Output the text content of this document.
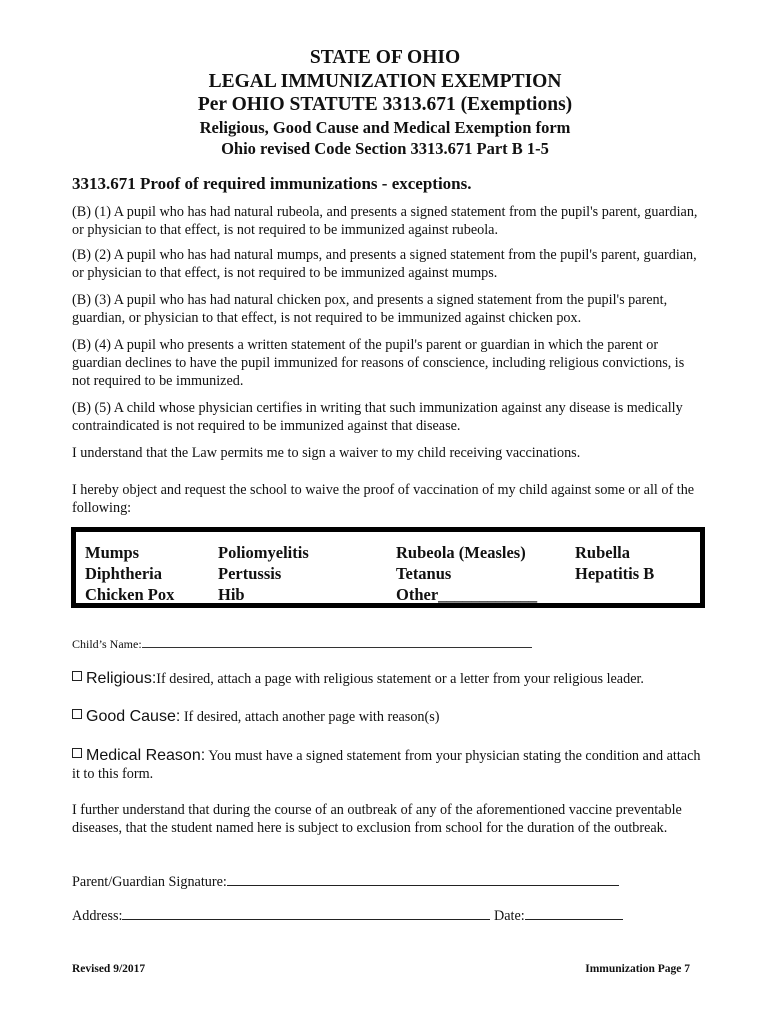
STATE OF OHIO
LEGAL IMMUNIZATION EXEMPTION
Per OHIO STATUTE 3313.671 (Exemptions)
Religious, Good Cause and Medical Exemption form
Ohio revised Code Section 3313.671 Part B 1-5
3313.671 Proof of required immunizations - exceptions.

(B) (1) A pupil who has had natural rubeola, and presents a signed statement from the pupil's parent, guardian, or physician to that effect, is not required to be immunized against rubeola.

(B) (2) A pupil who has had natural mumps, and presents a signed statement from the pupil's parent, guardian, or physician to that effect, is not required to be immunized against mumps.

(B) (3) A pupil who has had natural chicken pox, and presents a signed statement from the pupil's parent, guardian, or physician to that effect, is not required to be immunized against chicken pox.

(B) (4) A pupil who presents a written statement of the pupil's parent or guardian in which the parent or guardian declines to have the pupil immunized for reasons of conscience, including religious convictions, is not required to be immunized.

(B) (5) A child whose physician certifies in writing that such immunization against any disease is medically contraindicated is not required to be immunized against that disease.

I understand that the Law permits me to sign a waiver to my child receiving vaccinations.

I hereby object and request the school to waive the proof of vaccination of my child against some or all of the following:

Mumps	Poliomyelitis	Rubeola (Measles)	Rubella
Diphtheria	Pertussis	Tetanus	Hepatitis B
Chicken Pox	Hib	Other____________
Child’s Name:
Religious:If desired, attach a page with religious statement or a letter from your religious leader.
Good Cause: If desired, attach another page with reason(s)
Medical Reason: You must have a signed statement from your physician stating the condition and attach it to this form.

I further understand that during the course of an outbreak of any of the aforementioned vaccine preventable diseases, that the student named here is subject to exclusion from school for the duration of the outbreak.

Parent/Guardian Signature:
Address:	Date:
Revised 9/2017	Immunization Page 7
